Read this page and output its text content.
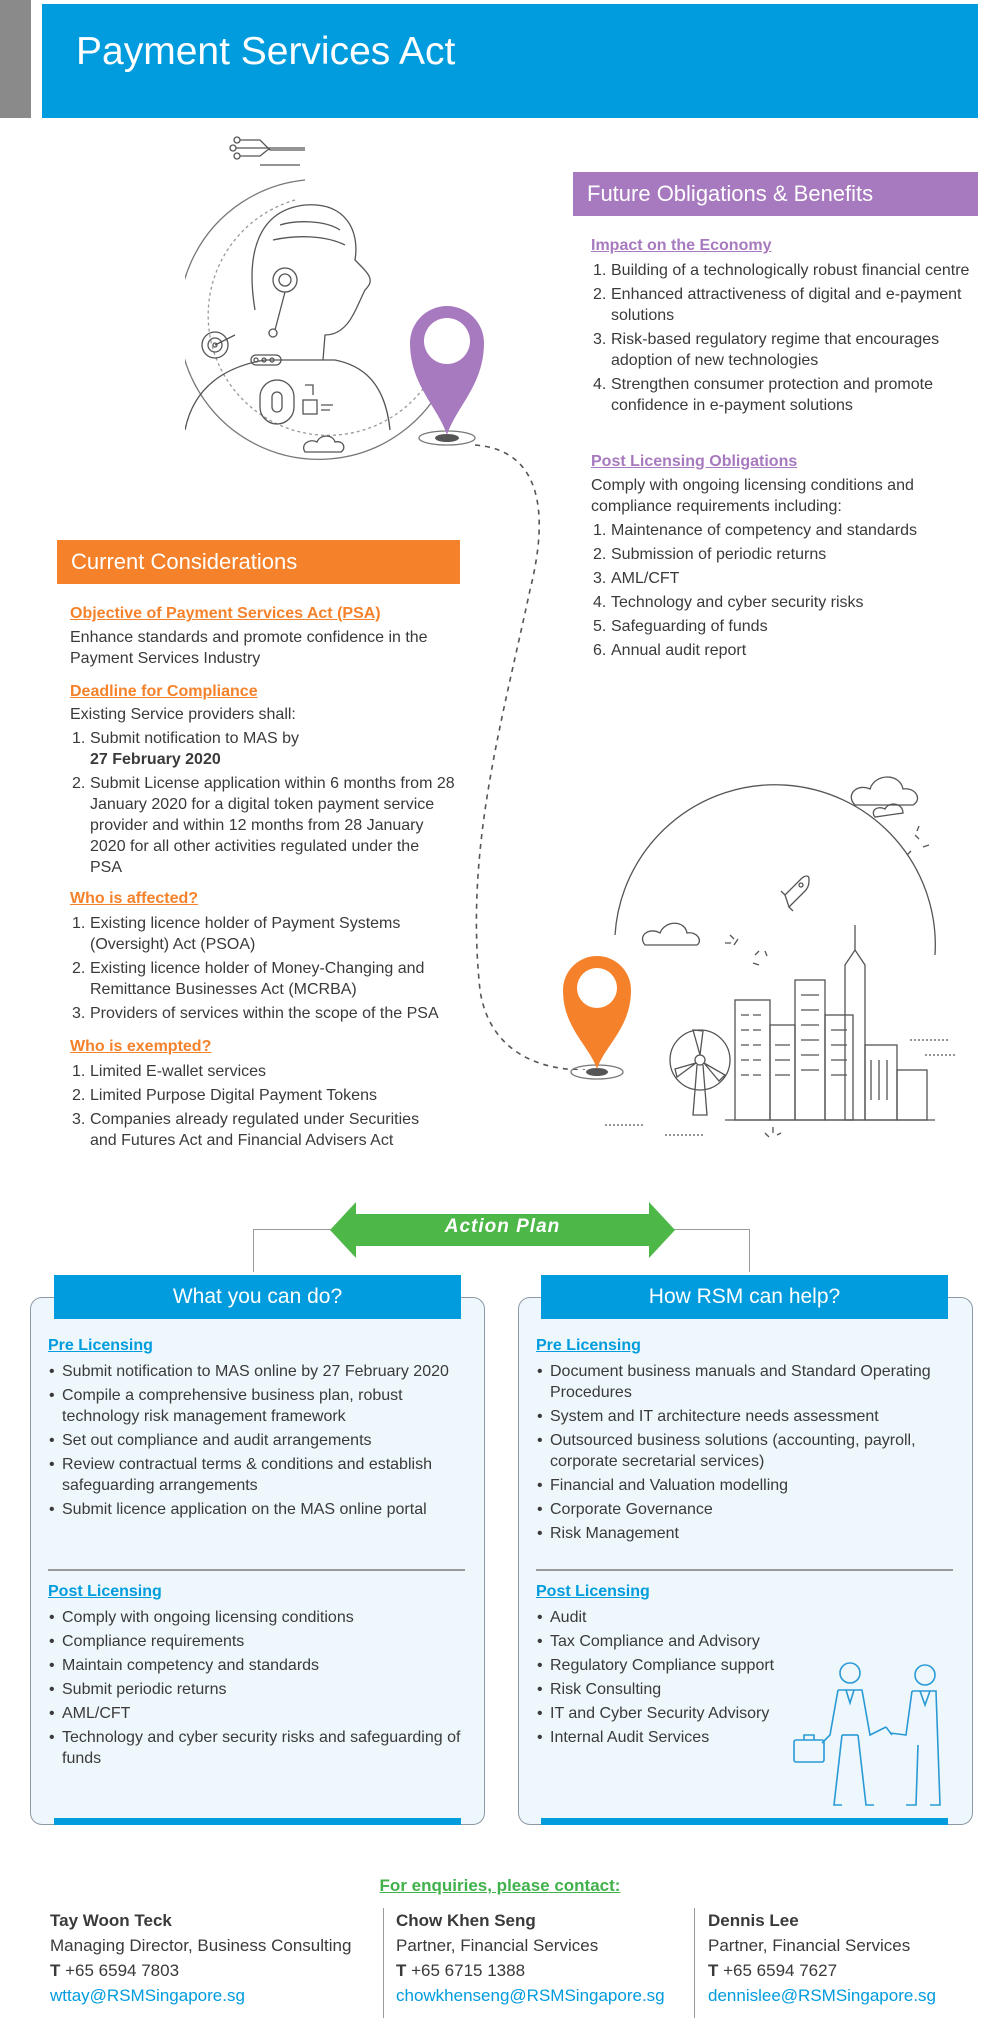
Payment Services Act
Future Obligations & Benefits
Impact on the Economy
1. Building of a technologically robust financial centre
2. Enhanced attractiveness of digital and e-payment solutions
3. Risk-based regulatory regime that encourages adoption of new technologies
4. Strengthen consumer protection and promote confidence in e-payment solutions
Post Licensing Obligations
Comply with ongoing licensing conditions and compliance requirements including:
1. Maintenance of competency and standards
2. Submission of periodic returns
3. AML/CFT
4. Technology and cyber security risks
5. Safeguarding of funds
6. Annual audit report
Current Considerations
Objective of Payment Services Act (PSA)
Enhance standards and promote confidence in the Payment Services Industry
Deadline for Compliance
Existing Service providers shall:
1. Submit notification to MAS by
27 February 2020
2. Submit License application within 6 months from 28 January 2020 for a digital token payment service provider and within 12 months from 28 January 2020 for all other activities regulated under the PSA
Who is affected?
1. Existing licence holder of Payment Systems (Oversight) Act (PSOA)
2. Existing licence holder of Money-Changing and Remittance Businesses Act (MCRBA)
3. Providers of services within the scope of the PSA
Who is exempted?
1. Limited E-wallet services
2. Limited Purpose Digital Payment Tokens
3. Companies already regulated under Securities and Futures Act and Financial Advisers Act
Action Plan
What you can do?
Pre Licensing
• Submit notification to MAS online by 27 February 2020
• Compile a comprehensive business plan, robust technology risk management framework
• Set out compliance and audit arrangements
• Review contractual terms & conditions and establish safeguarding arrangements
• Submit licence application on the MAS online portal
Post Licensing
• Comply with ongoing licensing conditions
• Compliance requirements
• Maintain competency and standards
• Submit periodic returns
• AML/CFT
• Technology and cyber security risks and safeguarding of funds
How RSM can help?
Pre Licensing
• Document business manuals and Standard Operating Procedures
• System and IT architecture needs assessment
• Outsourced business solutions (accounting, payroll, corporate secretarial services)
• Financial and Valuation modelling
• Corporate Governance
• Risk Management
Post Licensing
• Audit
• Tax Compliance and Advisory
• Regulatory Compliance support
• Risk Consulting
• IT and Cyber Security Advisory
• Internal Audit Services
For enquiries, please contact:
Tay Woon Teck
Managing Director, Business Consulting
T +65 6594 7803
wttay@RSMSingapore.sg
Chow Khen Seng
Partner, Financial Services
T +65 6715 1388
chowkhenseng@RSMSingapore.sg
Dennis Lee
Partner, Financial Services
T +65 6594 7627
dennislee@RSMSingapore.sg
